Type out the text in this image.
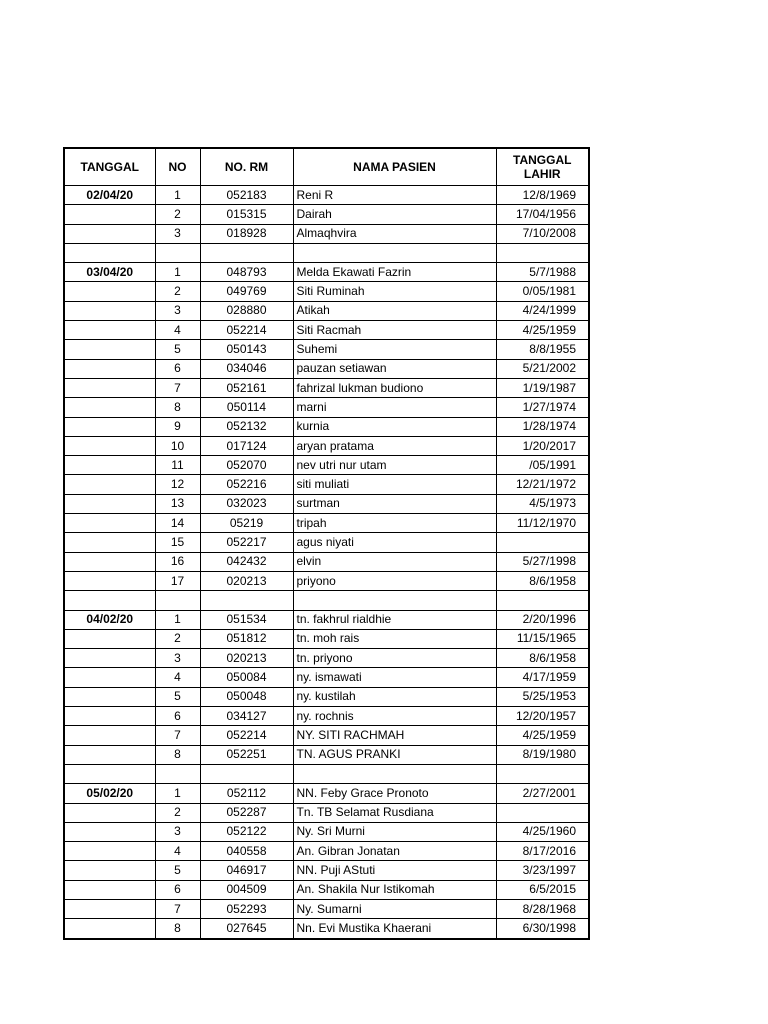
TANGGAL	NO	NO. RM	NAMA PASIEN	TANGGAL LAHIR
02/04/20	1	052183	Reni R	12/8/1969
	2	015315	Dairah	17/04/1956
	3	018928	Almaqhvira	7/10/2008

03/04/20	1	048793	Melda Ekawati Fazrin	5/7/1988
	2	049769	Siti Ruminah	0/05/1981
	3	028880	Atikah	4/24/1999
	4	052214	Siti Racmah	4/25/1959
	5	050143	Suhemi	8/8/1955
	6	034046	pauzan setiawan	5/21/2002
	7	052161	fahrizal lukman budiono	1/19/1987
	8	050114	marni	1/27/1974
	9	052132	kurnia	1/28/1974
	10	017124	aryan pratama	1/20/2017
	11	052070	nev utri nur utam	/05/1991
	12	052216	siti muliati	12/21/1972
	13	032023	surtman	4/5/1973
	14	05219	tripah	11/12/1970
	15	052217	agus niyati	
	16	042432	elvin	5/27/1998
	17	020213	priyono	8/6/1958

04/02/20	1	051534	tn. fakhrul rialdhie	2/20/1996
	2	051812	tn. moh rais	11/15/1965
	3	020213	tn. priyono	8/6/1958
	4	050084	ny. ismawati	4/17/1959
	5	050048	ny. kustilah	5/25/1953
	6	034127	ny. rochnis	12/20/1957
	7	052214	NY. SITI RACHMAH	4/25/1959
	8	052251	TN. AGUS PRANKI	8/19/1980

05/02/20	1	052112	NN. Feby Grace Pronoto	2/27/2001
	2	052287	Tn. TB Selamat Rusdiana	
	3	052122	Ny. Sri Murni	4/25/1960
	4	040558	An. Gibran Jonatan	8/17/2016
	5	046917	NN. Puji AStuti	3/23/1997
	6	004509	An. Shakila Nur Istikomah	6/5/2015
	7	052293	Ny. Sumarni	8/28/1968
	8	027645	Nn. Evi Mustika Khaerani	6/30/1998
